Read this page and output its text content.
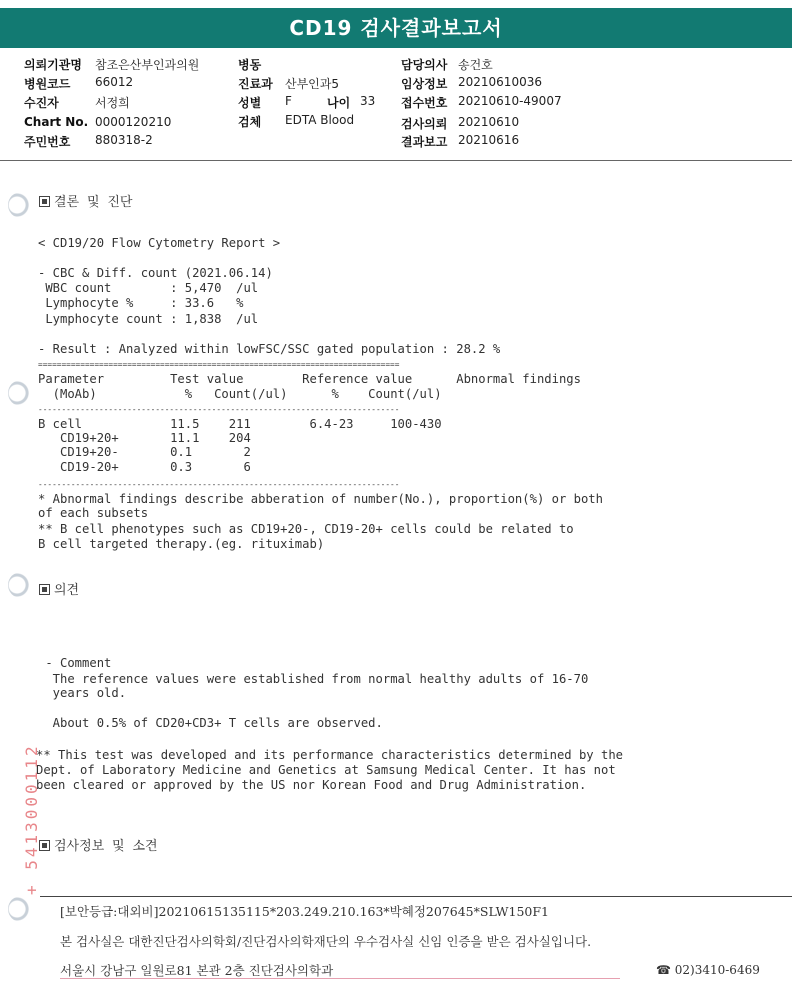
CD19 검사결과보고서
의뢰기관명 참조은산부인과의원	병동	담당의사 송건호
병원코드 66012	진료과 산부인과5	임상정보 20210610036
수진자	서정희	성별 F	나이 33 접수번호 20210610-49007
Chart No. 0000120210	검체 EDTA Blood	검사의뢰 20210610
주민번호 880318-2	결과보고 20210616
결론 및 진단
< CD19/20 Flow Cytometry Report >
- CBC & Diff. count (2021.06.14)
WBC count        : 5,470  /ul
Lymphocyte %     : 33.6   %
Lymphocyte count : 1,838  /ul
- Result : Analyzed within lowFSC/SSC gated population : 28.2 %
=============================================================================
Parameter         Test value        Reference value      Abnormal findings
(MoAb)            %   Count(/ul)      %    Count(/ul)
-----------------------------------------------------------------------------
B cell            11.5    211        6.4-23     100-430
CD19+20+       11.1    204
CD19+20-       0.1       2
CD19-20+       0.3       6
-----------------------------------------------------------------------------
* Abnormal findings describe abberation of number(No.), proportion(%) or both
of each subsets
** B cell phenotypes such as CD19+20-, CD19-20+ cells could be related to
B cell targeted therapy.(eg. rituximab)
의견
- Comment
The reference values were established from normal healthy adults of 16-70
years old.
About 0.5% of CD20+CD3+ T cells are observed.
** This test was developed and its performance characteristics determined by the
Dept. of Laboratory Medicine and Genetics at Samsung Medical Center. It has not
been cleared or approved by the US nor Korean Food and Drug Administration.
+ 5413000112	검사정보 및 소견
[보안등급:대외비]20210615135115*203.249.210.163*박혜정207645*SLW150F1
본 검사실은 대한진단검사의학회/진단검사의학재단의 우수검사실 신임 인증을 받은 검사실입니다.
서울시 강남구 일원로81 본관 2층 진단검사의학과	☎ 02)3410-6469
